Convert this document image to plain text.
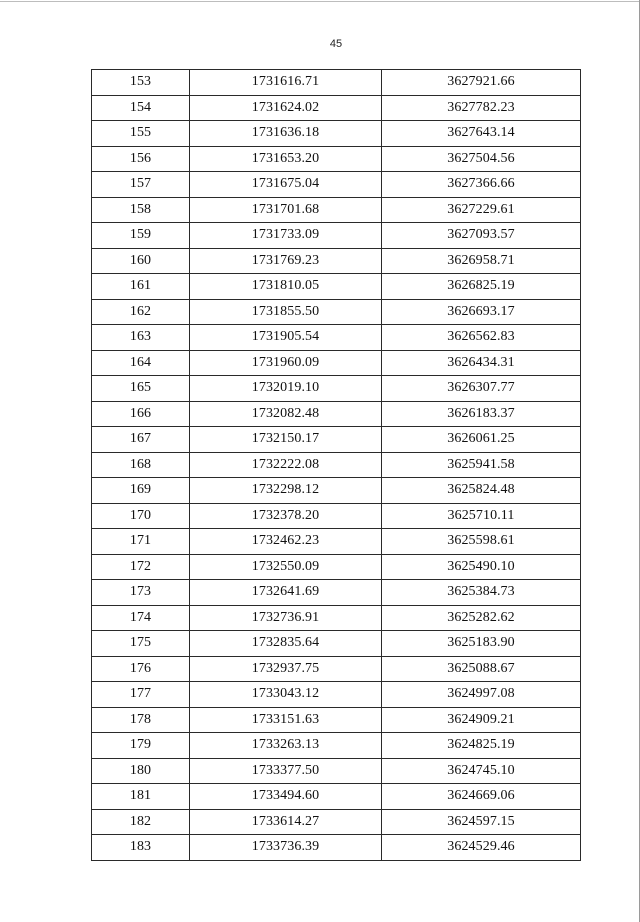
45
153	1731616.71	3627921.66
154	1731624.02	3627782.23
155	1731636.18	3627643.14
156	1731653.20	3627504.56
157	1731675.04	3627366.66
158	1731701.68	3627229.61
159	1731733.09	3627093.57
160	1731769.23	3626958.71
161	1731810.05	3626825.19
162	1731855.50	3626693.17
163	1731905.54	3626562.83
164	1731960.09	3626434.31
165	1732019.10	3626307.77
166	1732082.48	3626183.37
167	1732150.17	3626061.25
168	1732222.08	3625941.58
169	1732298.12	3625824.48
170	1732378.20	3625710.11
171	1732462.23	3625598.61
172	1732550.09	3625490.10
173	1732641.69	3625384.73
174	1732736.91	3625282.62
175	1732835.64	3625183.90
176	1732937.75	3625088.67
177	1733043.12	3624997.08
178	1733151.63	3624909.21
179	1733263.13	3624825.19
180	1733377.50	3624745.10
181	1733494.60	3624669.06
182	1733614.27	3624597.15
183	1733736.39	3624529.46
